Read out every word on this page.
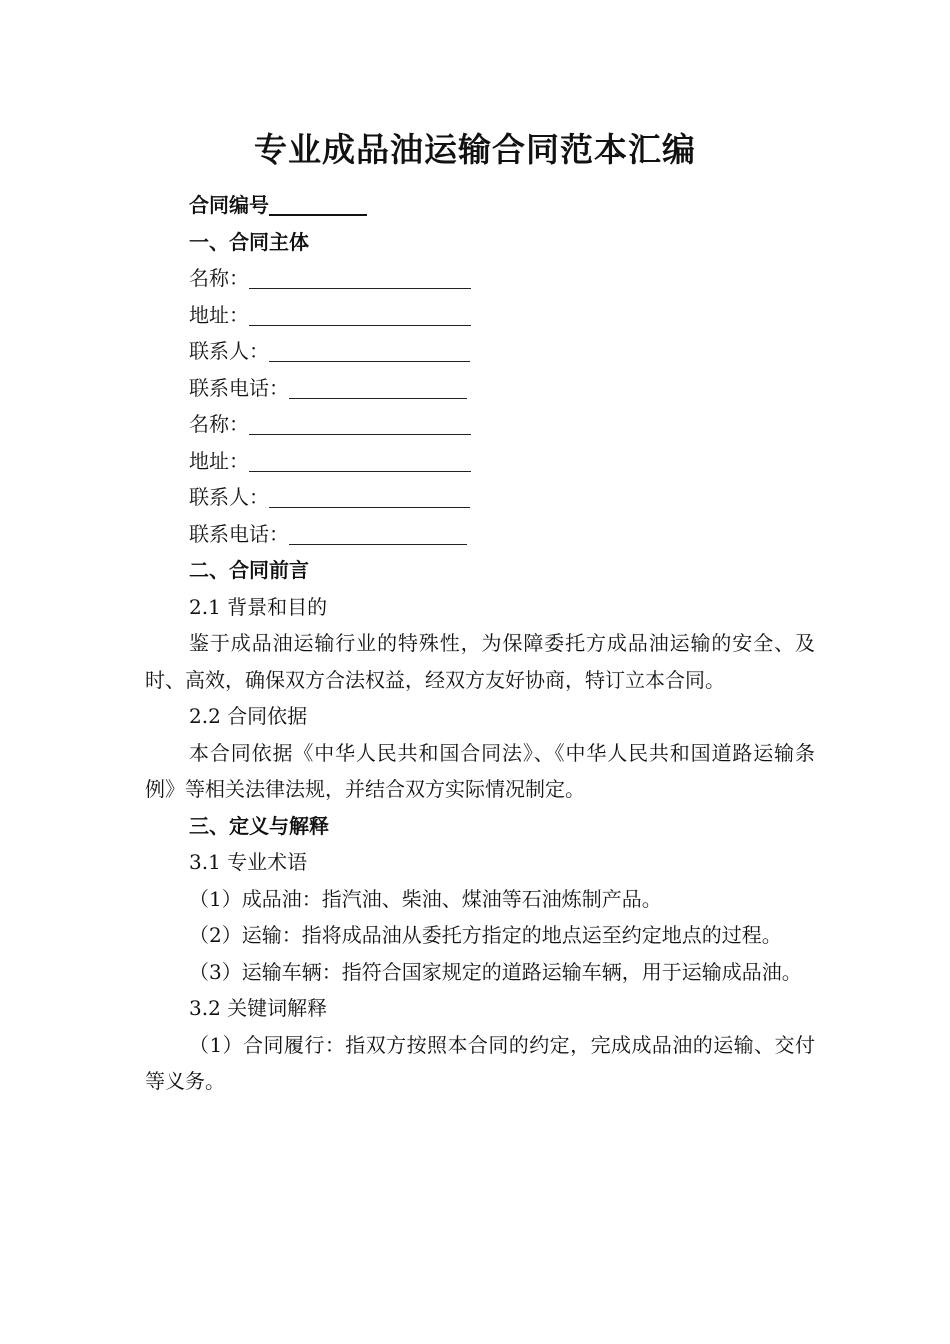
专业成品油运输合同范本汇编
合同编号
一、合同主体
名称：
地址：
联系人：
联系电话：
名称：
地址：
联系人：
联系电话：
二、合同前言
2.1 背景和目的
鉴于成品油运输行业的特殊性，为保障委托方成品油运输的安全、及时、高效，确保双方合法权益，经双方友好协商，特订立本合同。
2.2 合同依据
本合同依据《中华人民共和国合同法》、《中华人民共和国道路运输条例》等相关法律法规，并结合双方实际情况制定。
三、定义与解释
3.1 专业术语
（1）成品油：指汽油、柴油、煤油等石油炼制产品。
（2）运输：指将成品油从委托方指定的地点运至约定地点的过程。
（3）运输车辆：指符合国家规定的道路运输车辆，用于运输成品油。
3.2 关键词解释
（1）合同履行：指双方按照本合同的约定，完成成品油的运输、交付等义务。
